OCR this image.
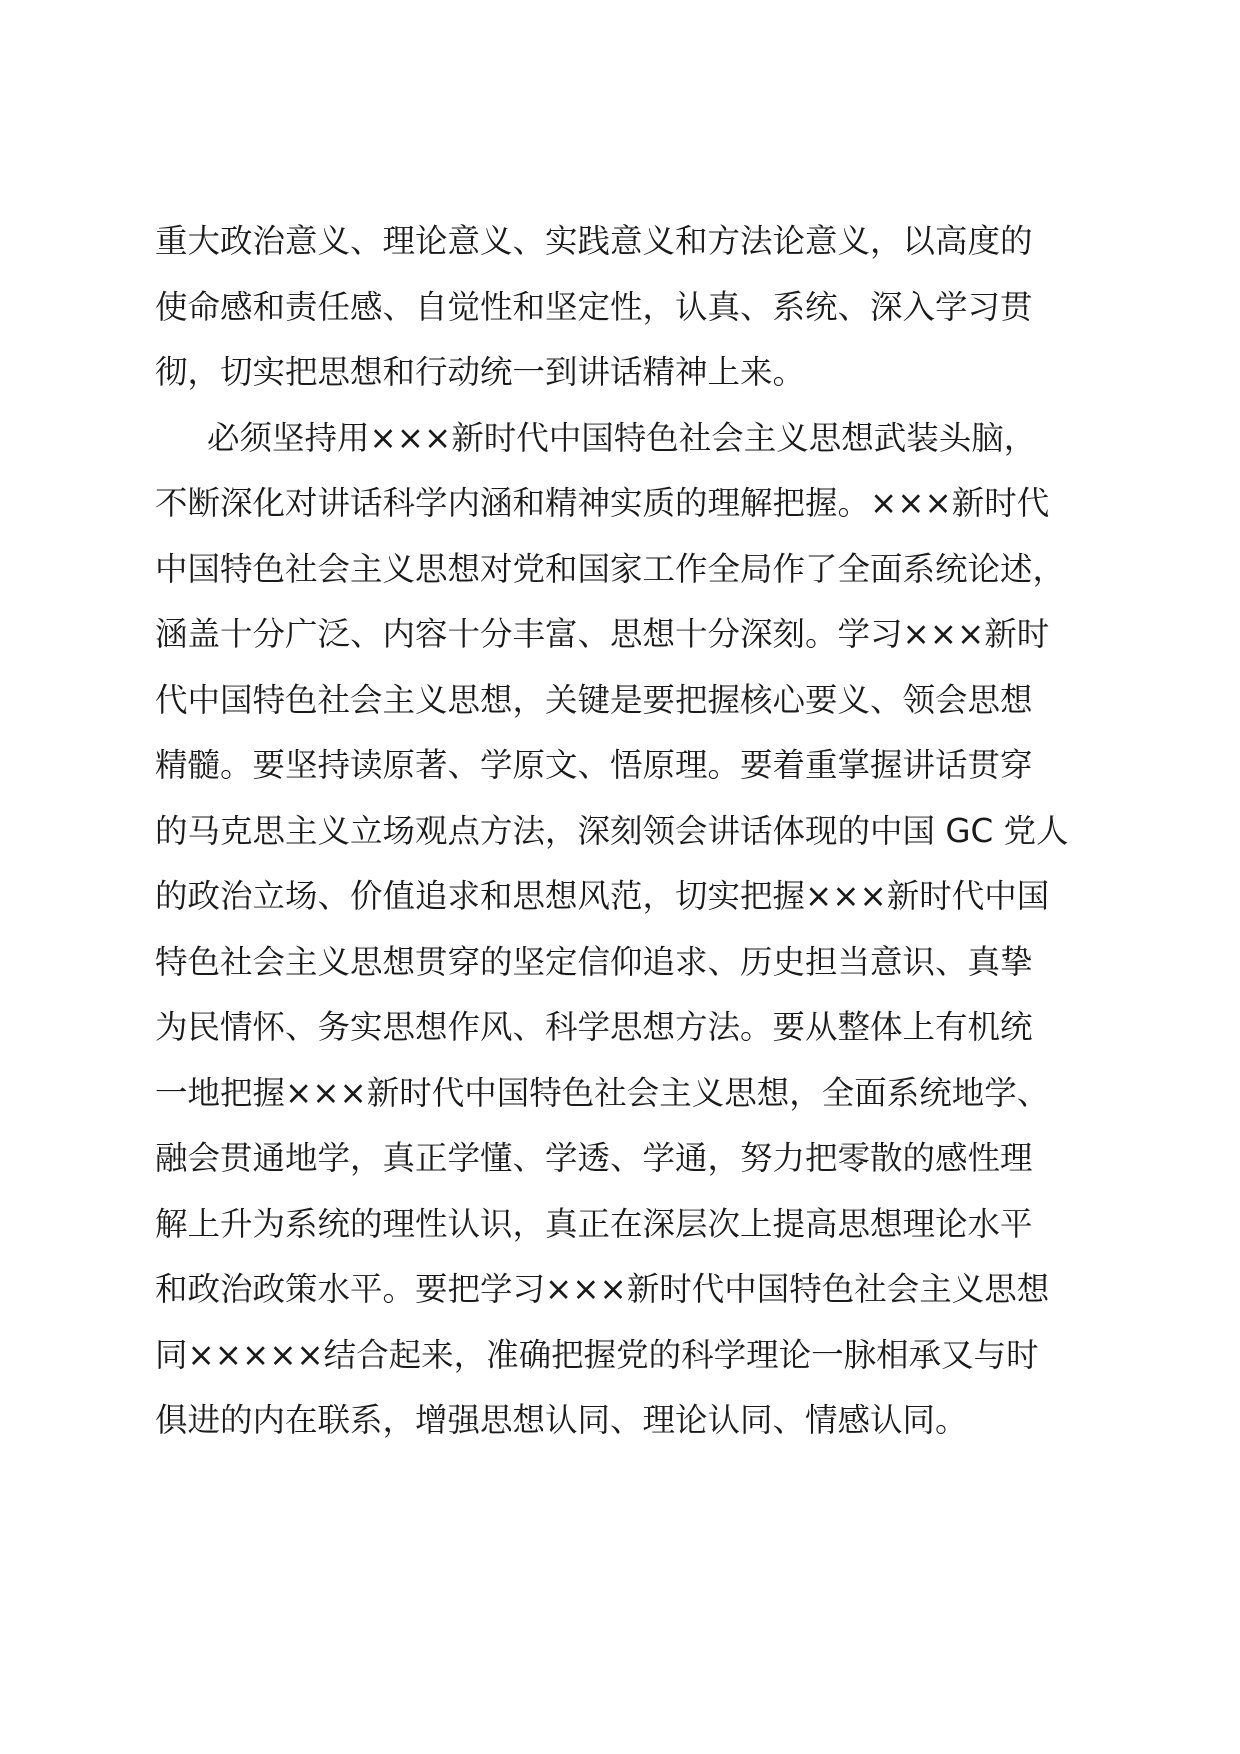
重大政治意义、理论意义、实践意义和方法论意义，以高度的
使命感和责任感、自觉性和坚定性，认真、系统、深入学习贯
彻，切实把思想和行动统一到讲话精神上来。
必须坚持用×××新时代中国特色社会主义思想武装头脑，
不断深化对讲话科学内涵和精神实质的理解把握。×××新时代
中国特色社会主义思想对党和国家工作全局作了全面系统论述，
涵盖十分广泛、内容十分丰富、思想十分深刻。学习×××新时
代中国特色社会主义思想，关键是要把握核心要义、领会思想
精髓。要坚持读原著、学原文、悟原理。要着重掌握讲话贯穿
的马克思主义立场观点方法，深刻领会讲话体现的中国 GC 党人
的政治立场、价值追求和思想风范，切实把握×××新时代中国
特色社会主义思想贯穿的坚定信仰追求、历史担当意识、真挚
为民情怀、务实思想作风、科学思想方法。要从整体上有机统
一地把握×××新时代中国特色社会主义思想，全面系统地学、
融会贯通地学，真正学懂、学透、学通，努力把零散的感性理
解上升为系统的理性认识，真正在深层次上提高思想理论水平
和政治政策水平。要把学习×××新时代中国特色社会主义思想
同×××××结合起来，准确把握党的科学理论一脉相承又与时
俱进的内在联系，增强思想认同、理论认同、情感认同。
